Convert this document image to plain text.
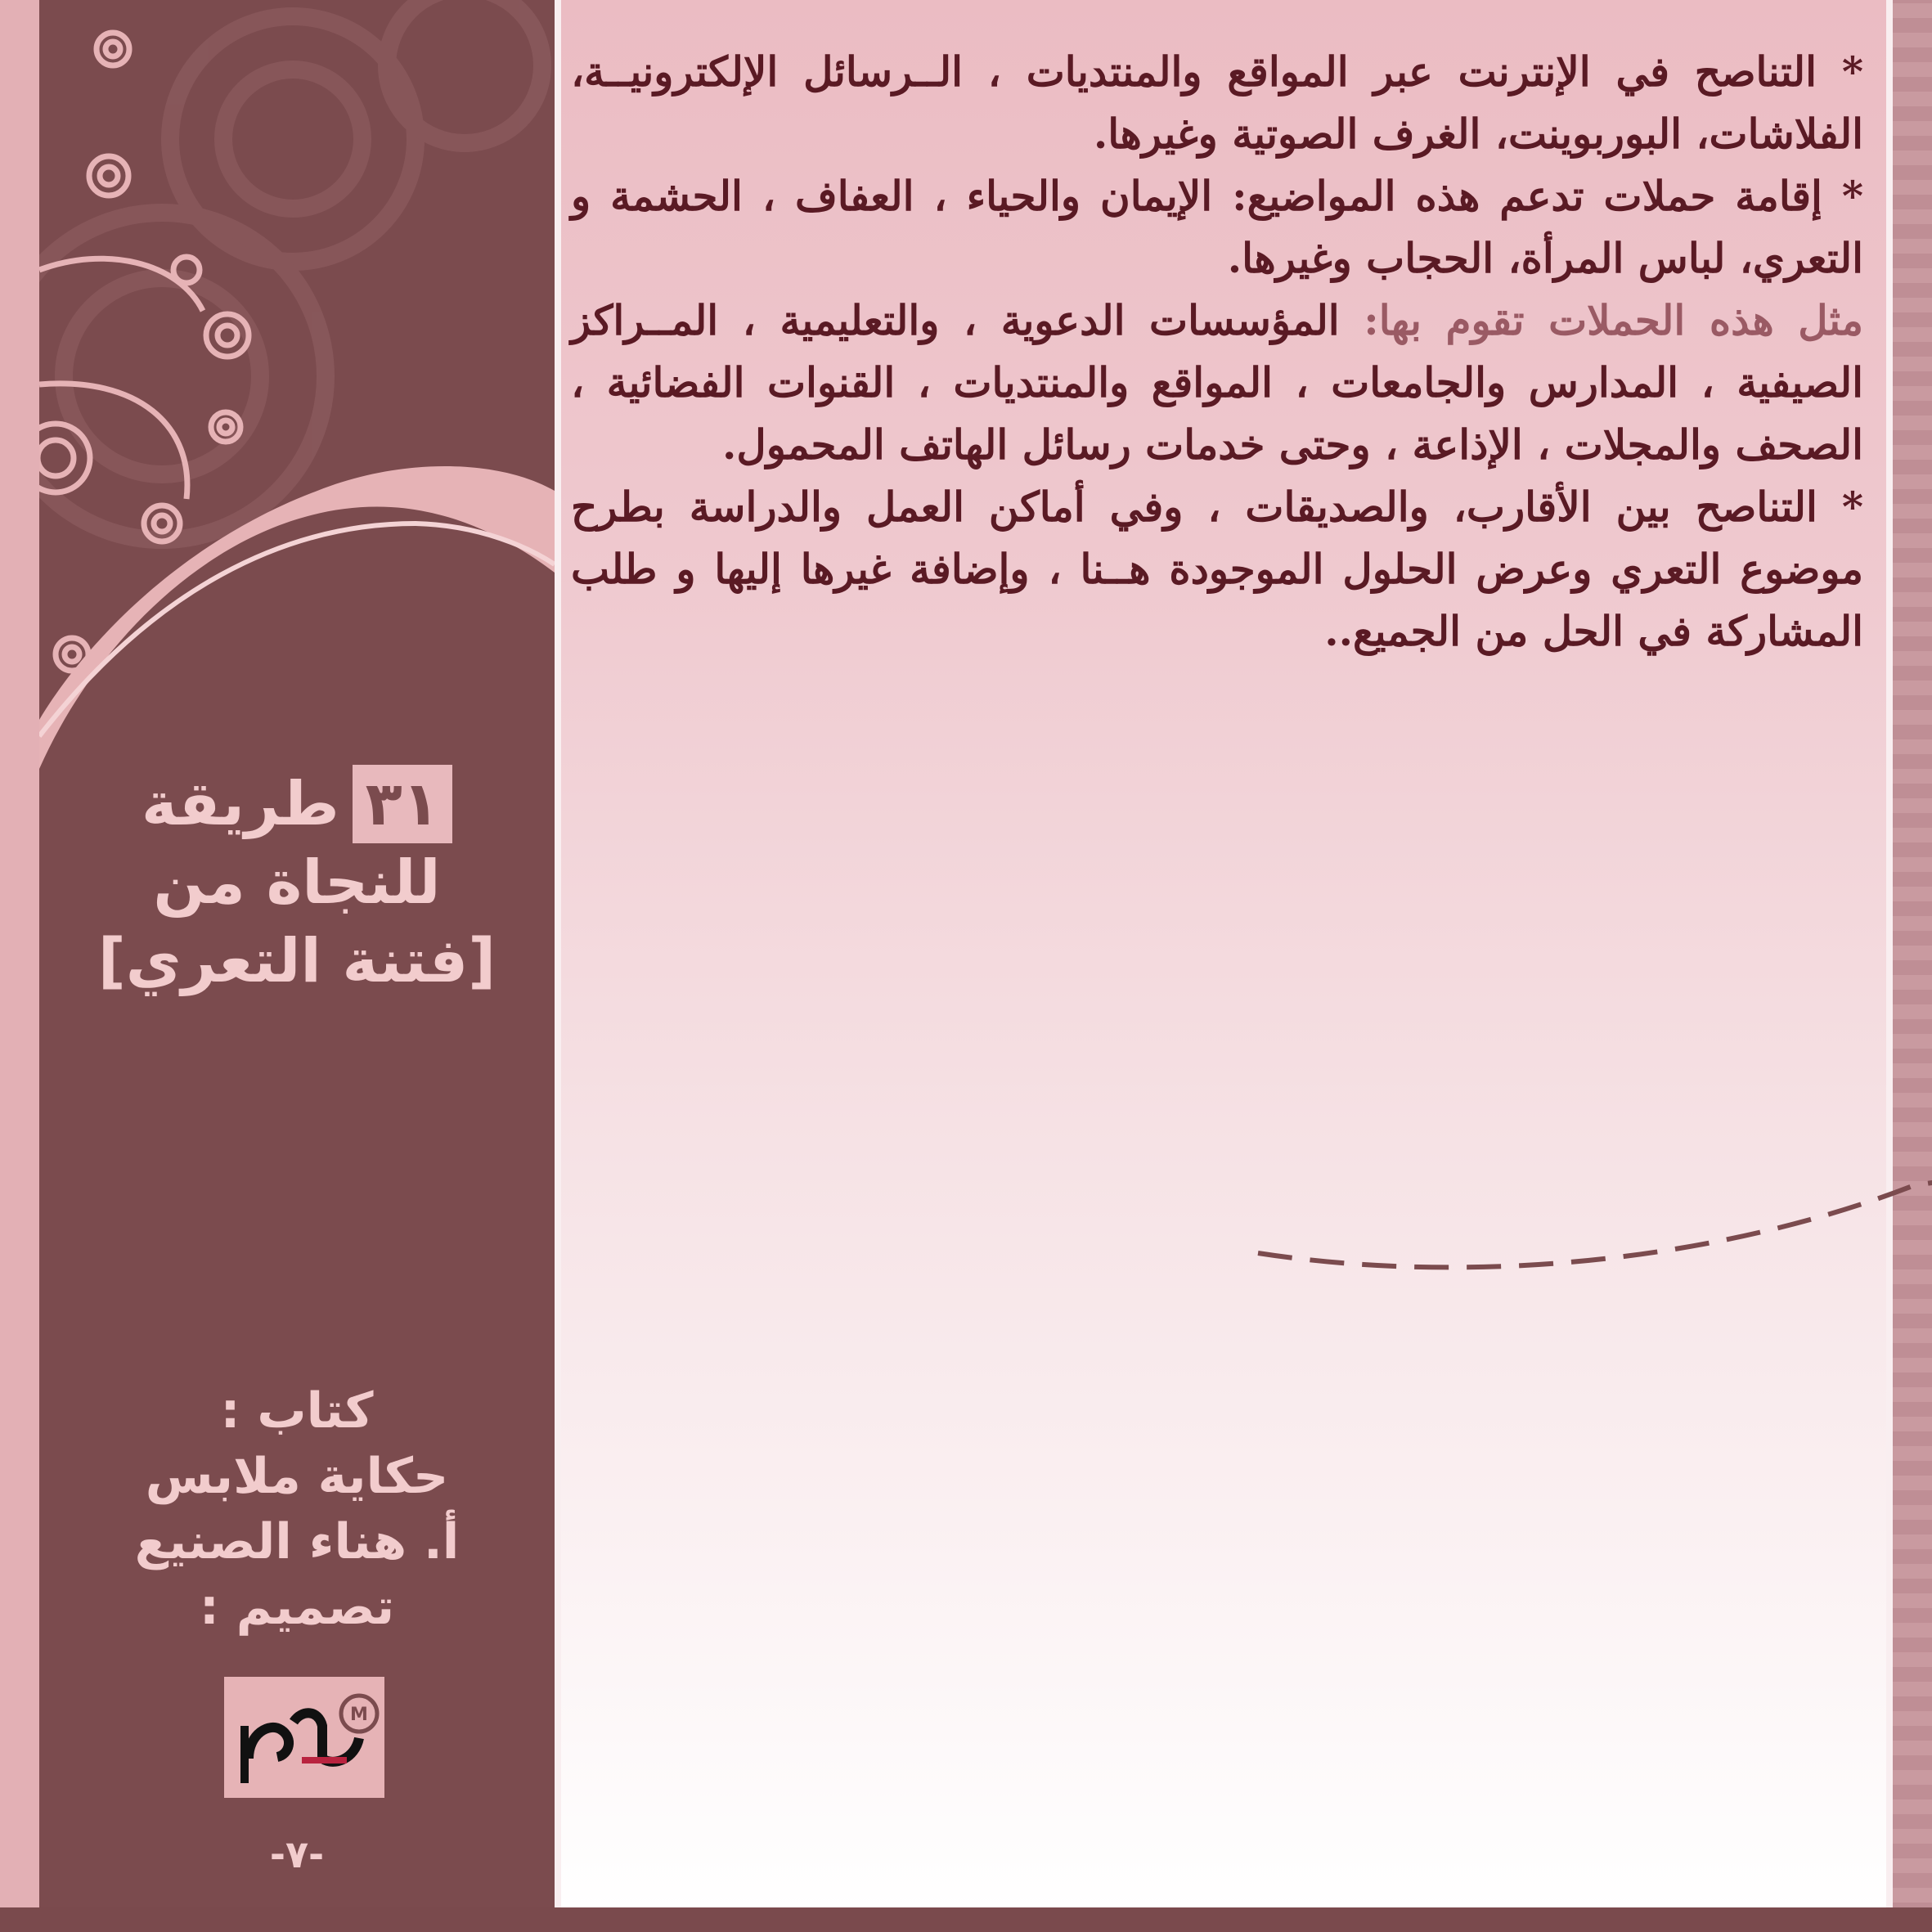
٣١طريقة
للنجاة من
[فتنة التعري]
كتاب :
حكاية ملابس
أ. هناء الصنيع
تصميم :
M
-٧-

* التناصح في الإنترنت عبر المواقع والمنتديات ، الــرسائل الإلكترونيــة، الفلاشات، البوربوينت، الغرف الصوتية وغيرها.

* إقامة حملات تدعم هذه المواضيع: الإيمان والحياء ، العفاف ، الحشمة و التعري، لباس المرأة، الحجاب وغيرها.

مثل هذه الحملات تقوم بها: المؤسسات الدعوية ، والتعليمية ، المــراكز الصيفية ، المدارس والجامعات ، المواقع والمنتديات ، القنوات الفضائية ، الصحف والمجلات ، الإذاعة ، وحتى خدمات رسائل الهاتف المحمول.

* التناصح بين الأقارب، والصديقات ، وفي أماكن العمل والدراسة بطرح موضوع التعري وعرض الحلول الموجودة هــنا ، وإضافة غيرها إليها و طلب المشاركة في الحل من الجميع..
